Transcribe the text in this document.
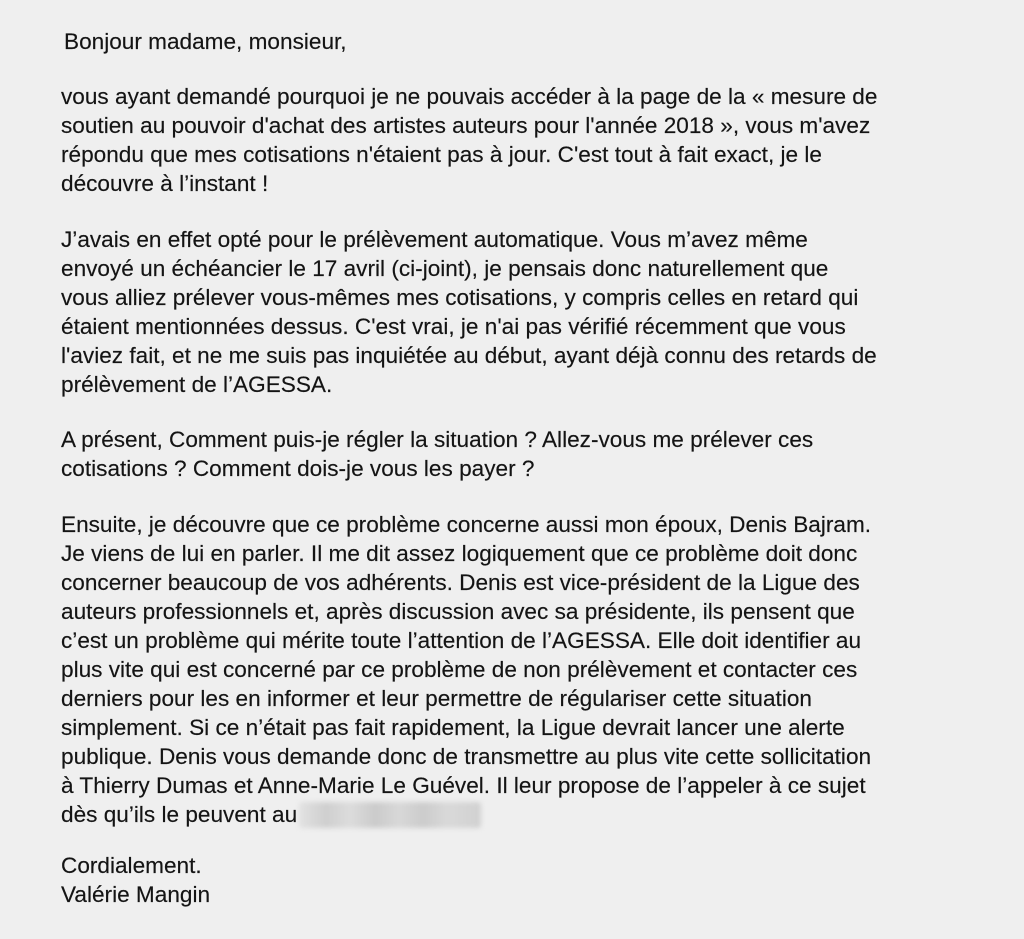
Bonjour madame, monsieur,
vous ayant demandé pourquoi je ne pouvais accéder à la page de la « mesure de
soutien au pouvoir d'achat des artistes auteurs pour l'année 2018 », vous m'avez
répondu que mes cotisations n'étaient pas à jour. C'est tout à fait exact, je le
découvre à l’instant !
J’avais en effet opté pour le prélèvement automatique. Vous m’avez même
envoyé un échéancier le 17 avril (ci-joint), je pensais donc naturellement que
vous alliez prélever vous-mêmes mes cotisations, y compris celles en retard qui
étaient mentionnées dessus. C'est vrai, je n'ai pas vérifié récemment que vous
l'aviez fait, et ne me suis pas inquiétée au début, ayant déjà connu des retards de
prélèvement de l’AGESSA.
A présent, Comment puis-je régler la situation ? Allez-vous me prélever ces
cotisations ? Comment dois-je vous les payer ?
Ensuite, je découvre que ce problème concerne aussi mon époux, Denis Bajram.
Je viens de lui en parler. Il me dit assez logiquement que ce problème doit donc
concerner beaucoup de vos adhérents. Denis est vice-président de la Ligue des
auteurs professionnels et, après discussion avec sa présidente, ils pensent que
c’est un problème qui mérite toute l’attention de l’AGESSA. Elle doit identifier au
plus vite qui est concerné par ce problème de non prélèvement et contacter ces
derniers pour les en informer et leur permettre de régulariser cette situation
simplement. Si ce n’était pas fait rapidement, la Ligue devrait lancer une alerte
publique. Denis vous demande donc de transmettre au plus vite cette sollicitation
à Thierry Dumas et Anne-Marie Le Guével. Il leur propose de l’appeler à ce sujet
dès qu’ils le peuvent au
Cordialement.
Valérie Mangin
